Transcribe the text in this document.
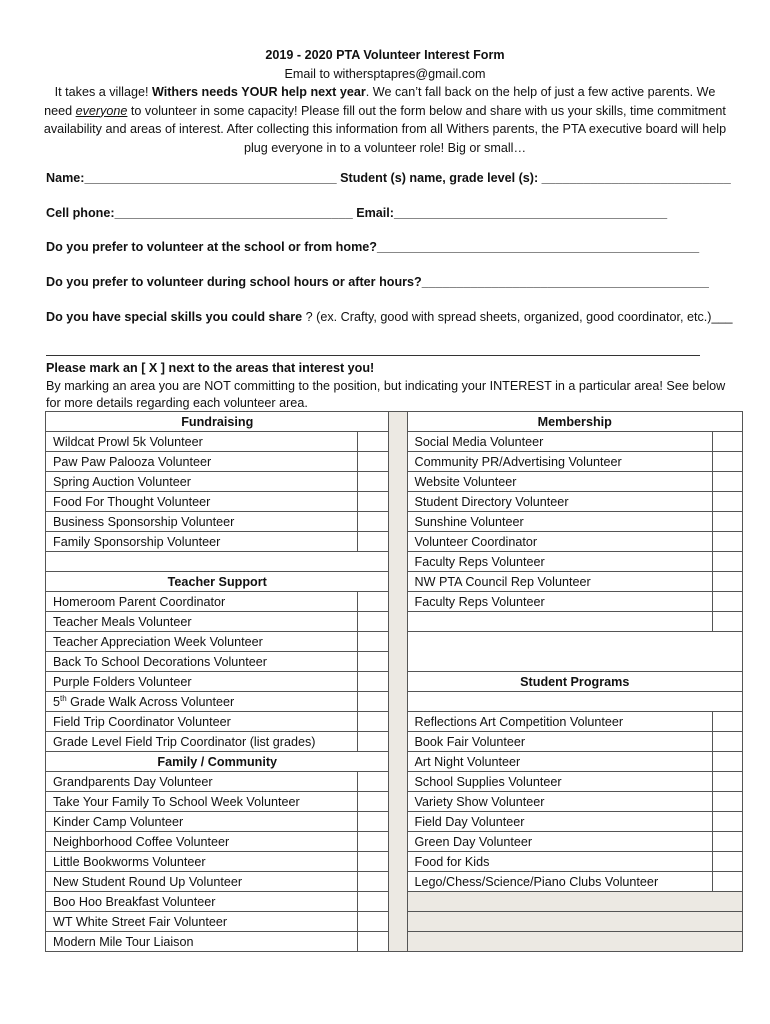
2019 - 2020 PTA Volunteer Interest Form
Email to withersptapres@gmail.com
It takes a village! Withers needs YOUR help next year. We can’t fall back on the help of just a few active parents. We need everyone to volunteer in some capacity! Please fill out the form below and share with us your skills, time commitment availability and areas of interest. After collecting this information from all Withers parents, the PTA executive board will help plug everyone in to a volunteer role! Big or small…
Name:____________________________________ Student (s) name, grade level (s): ___________________________
Cell phone:__________________________________ Email:_______________________________________
Do you prefer to volunteer at the school or from home?______________________________________________
Do you prefer to volunteer during school hours or after hours?_________________________________________
Do you have special skills you could share ? (ex. Crafty, good with spread sheets, organized, good coordinator, etc.)___
Please mark an [ X ] next to the areas that interest you!
By marking an area you are NOT committing to the position, but indicating your INTEREST in a particular area! See below for more details regarding each volunteer area.
Fundraising			Membership	
Wildcat Prowl 5k Volunteer			Social Media Volunteer	
Paw Paw Palooza Volunteer			Community PR/Advertising Volunteer	
Spring Auction Volunteer			Website Volunteer	
Food For Thought Volunteer			Student Directory Volunteer	
Business Sponsorship Volunteer			Sunshine Volunteer	
Family Sponsorship Volunteer			Volunteer Coordinator	
			Faculty Reps Volunteer	
Teacher Support			NW PTA Council Rep Volunteer	
Homeroom Parent Coordinator			Faculty Reps Volunteer	
Teacher Meals Volunteer				
Teacher Appreciation Week Volunteer				
Back To School Decorations Volunteer				
Purple Folders Volunteer			Student Programs	
5th Grade Walk Across Volunteer				
Field Trip Coordinator Volunteer			Reflections Art Competition Volunteer	
Grade Level Field Trip Coordinator (list grades)			Book Fair Volunteer	
Family / Community			Art Night Volunteer	
Grandparents Day Volunteer			School Supplies Volunteer	
Take Your Family To School Week Volunteer			Variety Show Volunteer	
Kinder Camp Volunteer			Field Day Volunteer	
Neighborhood Coffee Volunteer			Green Day Volunteer	
Little Bookworms Volunteer			Food for Kids	
New Student Round Up Volunteer			Lego/Chess/Science/Piano Clubs Volunteer	
Boo Hoo Breakfast Volunteer				
WT White Street Fair Volunteer				
Modern Mile Tour Liaison				
